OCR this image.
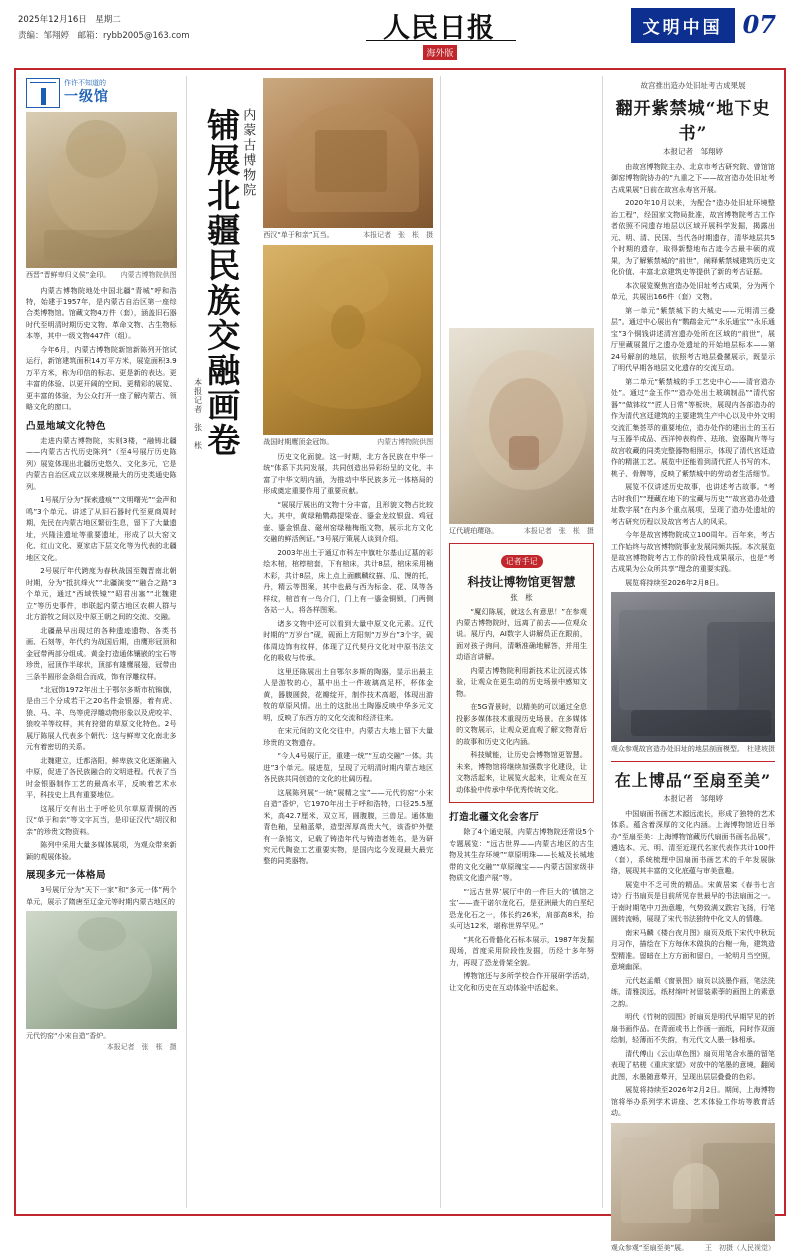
2025年12月16日　星期二
责编：邹翔婷　邮箱：rybb2005@163.com	人民日报海外版
文明中国 07
作许不知道的
一级馆
西晋“晋鲜卑归义侯”金印。 内蒙古博物院供图

内蒙古博物院地处中国北疆“青城”呼和浩特，始建于1957年，是内蒙古自治区第一座综合类博物馆。馆藏文物4万件（套），涵盖旧石器时代至明清时期历史文物、革命文物、古生物标本等，其中一级文物447件（组）。

今年6月，内蒙古博物院新馆新陈列开馆试运行，新馆建筑面积14万平方米，展览面积3.9万平方米，称为印信的标志、更是新的表达。更丰富的体验、以更开阔的空间、更精彩的展览、更丰富的体验，为公众打开一座了解内蒙古、领略文化的窗口。

凸显地域文化特色

走进内蒙古博物院，实则3楼，“融铸北疆——内蒙古古代历史陈列”（至4号展厅历史陈列）展览体现出北疆历史悠久、文化多元，它是内蒙古自治区成立以来规模最大的历史类通史陈列。

1号展厅分为“探索遗痕”“文明曙光”“金声和鸣”3个单元。讲述了从旧石器时代至夏商周时期，先民在内蒙古地区繁衍生息，留下了大量遗址，兴隆洼遗址等重要遗址，形成了以大窑文化、红山文化、夏家店下层文化等为代表的北疆地区文化。

2号展厅年代跨度为春秋战国至魏晋南北朝时期，分为“抵抗烽火”“北疆演变”“融合之路”3个单元，通过“西域铁镜”“昭君出塞”“北魏建立”等历史事件，串联起内蒙古地区农耕人群与北方游牧之间以及中原王朝之间的交流、交融。

北疆最早出现过的各种遗迹遗物、各类书画、石刻等，年代约为战国后期，由鹰形冠顶和金冠带两部分组成。黄金打造通体镶嵌的宝石等珍贵，冠顶作半球状，顶部有雄鹰展翅，冠带由三条半圆形金条组合而成，饰有浮雕纹样。

“北冠饰1972年出土于鄂尔多斯市杭锦旗，是由三个分成若干之20名件金银器，着有虎、狼、马、羊、鸟等虎浮雕动物形象以及虎咬羊、狼咬羊等纹样，其有狩猎的草原文化特色。2号展厅陈展人代表多个朝代：这与鲜卑文化南北多元有着密切的关系。

北魏建立，迁都洛阳，鲜卑族文化逐渐融入中原，促进了各民族融合的文明进程。代表了当时金银器制作工艺的最高水平，反映着艺术水平，科技史上具有重要地位。

这展厅交有出土于呼伦贝尔草原青铜的西汉“单于和亲”等文字瓦当，是印证汉代“胡汉和亲”的珍贵文物资料。

陈列中采用大量多媒体展项，为观众带来新颖的观展体验。

展现多元一体格局

3号展厅分为“天下一家”和“多元一体”两个单元，展示了隋唐至辽金元等时期内蒙古地区的

元代钧窑“小宋自造”香炉。
本报记者　张　枨　摄
本报记者　张　枨 铺展北疆民族交融画卷 内蒙古博物院
西汉“单于和亲”瓦当。	本报记者　张　枨　摄
战国时期鹰顶金冠饰。	内蒙古博物院供图

历史文化面貌。这一时期，北方各民族在中华一统“体系下共同发展，共同创造出异彩纷呈的文化，丰富了中华文明内涵，为推动中华民族多元一体格局的形成奠定重要作用了重要贡献。

“展展厅展出的文物十分丰富，且形貌文物占比较大。其中，黄绿釉鹦鹉提梁壶、鎏金龙纹银盘、鸡冠壶、鎏金银盘、磁州窑绿釉梅瓶文物，展示北方文化交融的鲜活例证。”3号展厅策展人谈到介绍。

2003年出土于通辽市科左中旗吐尔基山辽墓的彩绘木棺，棺椁棺套，下有棺床，共计8层，棺床采用楠木彩，共计8层，床上点上面麒麟纹描、瓜、馒的托，丹，精云等图案，其中也最与西为标金、花、凤等各样纹，棺首有一鸟介门，门上有一鎏金铜锁，门两侧各站一人，将各样图案。

诸多文物中还可以看到大量中原文化元素。辽代时期的“万岁台”砚，砚面上方阳刻“万岁台”3个字，砚体周边饰有纹样，体现了辽代契丹文化对中原书法文化的吸收与传承。

这里还陈展出土自鄂尔多斯的陶器，显示出最主人是游牧的心，墓中出土一件玻璃高足杯，杯体金黄，器腹圆鼓，花瓣绽开，制作技术高超，体现出游牧的草原风情。出土的这批出土陶器反映中华多元文明，反映了东西方的文化交流和经济往来。

在宋元间的文化交往中，内蒙古大地上留下大量珍贵的文物遗存。

“今人4号展厅正，重建一统”“互动交融”一体。共进”3个单元。展进览，呈现了元明清时期内蒙古地区各民族共同创造的文化的壮阔历程。

这展陈列展“一统”展精之宝”——元代钧窑“小宋自造”香炉，它1970年出土于呼和浩特，口径25.5厘米，高42.7厘米，双立耳，圆腹腹，三兽足。通体施青色釉，呈釉蓝晕，造型浑厚高贵大气，该香炉外壁有一条铭文，记载了铸造年代与铸造者姓名，是为研究元代陶瓷工艺重要实物，是国内迄今发现最大最完整的同类器物。

辽代琥珀璎珞。	本报记者　张　枨　摄
记者手记
科技让博物馆更智慧
张　枨

“魔幻陈展，就这么有意思！”在参观内蒙古博物院时，远离了前去——位观众说。展厅内，AI数字人讲解员正在跟前，面对孩子询问，清晰准确地解答，并用生动语言讲解。

内蒙古博物院利用新技术让沉浸式体验，让观众在更生动的历史场景中感知文物。

在5G背景时，以精美的可以通过全息投影多媒体技术重现历史场景。在多媒体的文物展示，让观众更直观了解文物背后的故事和历史文化内涵。

科技赋能，让历史会博物馆更智慧。未来，博物馆将继续加强数字化建设，让文物活起来，让展览火起来，让观众在互动体验中传承中华优秀传统文化。

打造北疆文化会客厅

除了4个通史展，内蒙古博物院还常设5个专题展览：“远古世界——内蒙古地区的古生物及其生存环境”“草原明珠——长城及长城地带的文化交融”“草原瑰宝——内蒙古国家级非物质文化遗产展”等。

“‘远古世界’展厅中的一件巨大的‘镇馆之宝’——查干诺尔龙化石，是亚洲最大的白垩纪恐龙化石之一，体长约26米，肩部高8米，抬头可达12米，堪称世界罕见。”

“其化石骨骼化石标本展示，1987年发掘现场，首度采用阶段性发掘，历经十多年努力，再现了恐龙骨架全貌。

博物馆还与多所学校合作开展研学活动，让文化和历史在互动体验中活起来。

故宫推出造办处旧址考古成果展
翻开紫禁城“地下史书”
本报记者　邹翔婷

由故宫博物院主办、北京市考古研究院、曾馆馆御窑博物院协办的“九重之下——故宫造办处旧址考古成果展”日前在故宫永寿宫开展。

2020年10月以来，为配合“造办处旧址环境整治工程”，经国家文物局批准，故宫博物院考古工作者依照不同遗存地层以区域开展科学发掘，揭露出元、明、清、民国、当代各时期遗存，清华地层共5个时期的遗存，取得新整地布古迹今古最丰硕的成果，为了解紫禁城的“前世”，阐释紫禁城建筑历史文化价值、丰富北京建筑史等提供了新的考古证据。

本次展览聚焦宫造办处旧址考古成果，分为两个单元，共展出166件（套）文物。

第一单元“紫禁城下的大城史——元明清三叠层”。通过中心展出有“鹦鹉金元”“永乐通宝”“永乐通宝”3个铜钱讲述清宫遗办处所在区域的“前世”，展厅里藏展置厅之遗办处遗址的开始地层标本——第24号解剖的地层，依照考古地层叠摞展示，既显示了明代早期各地层文化遗存的交流互动。

第二单元“紫禁城的手工艺史中心——清官造办处”。通过“金玉作”“造办处出土玻璃制品”“清代窑器”“做钵纹”“匠人日常”等板块，展现内各部造办的作为清代宫廷建筑的主要建筑生产中心以及中外文明交流汇集荟萃的重要地位，造办处作的建出土的玉石与玉器半成品、西洋钟表构件、珐琅、瓷器陶片等与故宫收藏的同类完整器物相照示，体现了清代宫廷造作的精湛工艺。展览中还能看到清代匠人书写的木、桃子、骨牌等，反映了紫禁城中的劳动者生活细节。

展览不仅讲述历史故事，也讲述考古故事。“考古时我们”“理藏在地下的宝藏与历史”“故宫造办处遗址数字展”在内多个重点展项，呈现了造办处遗址的考古研究历程以及故宫考古人的风采。

今年是故宫博物院成立100周年。百年来，考古工作始终与故宫博物院事业发展同频共振。本次展览是故宫博物院考古工作的阶段性成果展示，也是“考古成果为公众所共享”理念的重要实践。

展览将持续至2026年2月8日。

观众参观故宫造办处旧址的地层剖面模型。 杜建坡摄
在上博品“至扇至美”
本报记者　邹翔婷

中国扇面书画艺术源远流长，形成了独特的艺术体系。蕴含着深厚的文化内涵。上海博物馆近日举办“至扇至美：上海博物馆藏历代扇面书画名品展”，遴选本、元、明、清至近现代名家代表作共计100件（套），系统梳理中国扇面书画艺术的千年发展脉络，展现其丰富的文化底蕴与审美意趣。

展览中不乏可贵的精品。宋黄居寀《春书七言诗》行书扇页是目前所见存世最早的书法扇面之一。于南时期笔中刀劲意趣，气势致满又跌宕飞扬，行笔圆转流畅，展现了宋代书法独特中化文人的情趣。

南宋马麟《楼台夜月图》扇页及纸下宋代中秋玩月习作，描绘在下方每休木做执的台榭一角，建筑造型精准。留暗在上方方面和留白，一轮明月当空照，意境幽深。

元代赵孟頫《窗景图》扇页以淡墨作画，笔法洗练，清雅淡远，纸材绵叶衬留装素荸的画图上的素意之韵。

明代《竹树的园图》折扇页是明代早期罕见的折扇书画作品。在青面或书上作画一面纸，同时作双面绘制，轻薄而不失韵，有元代文人墨一脉相承。

清代傅山《云山草色图》扇页用笔含水墨的留笔表现了枯槎《重庆家望》对放中的笔墨的意境，翻阅此图，水墨随意晕开，呈现出层层叠叠的色彩。

展览将持续至2026年2月2日。期间，上海博物馆将举办系列学术讲座、艺术体验工作坊等教育活动。

观众参观“至扇至美”展。 王　初摄（人民视觉）
